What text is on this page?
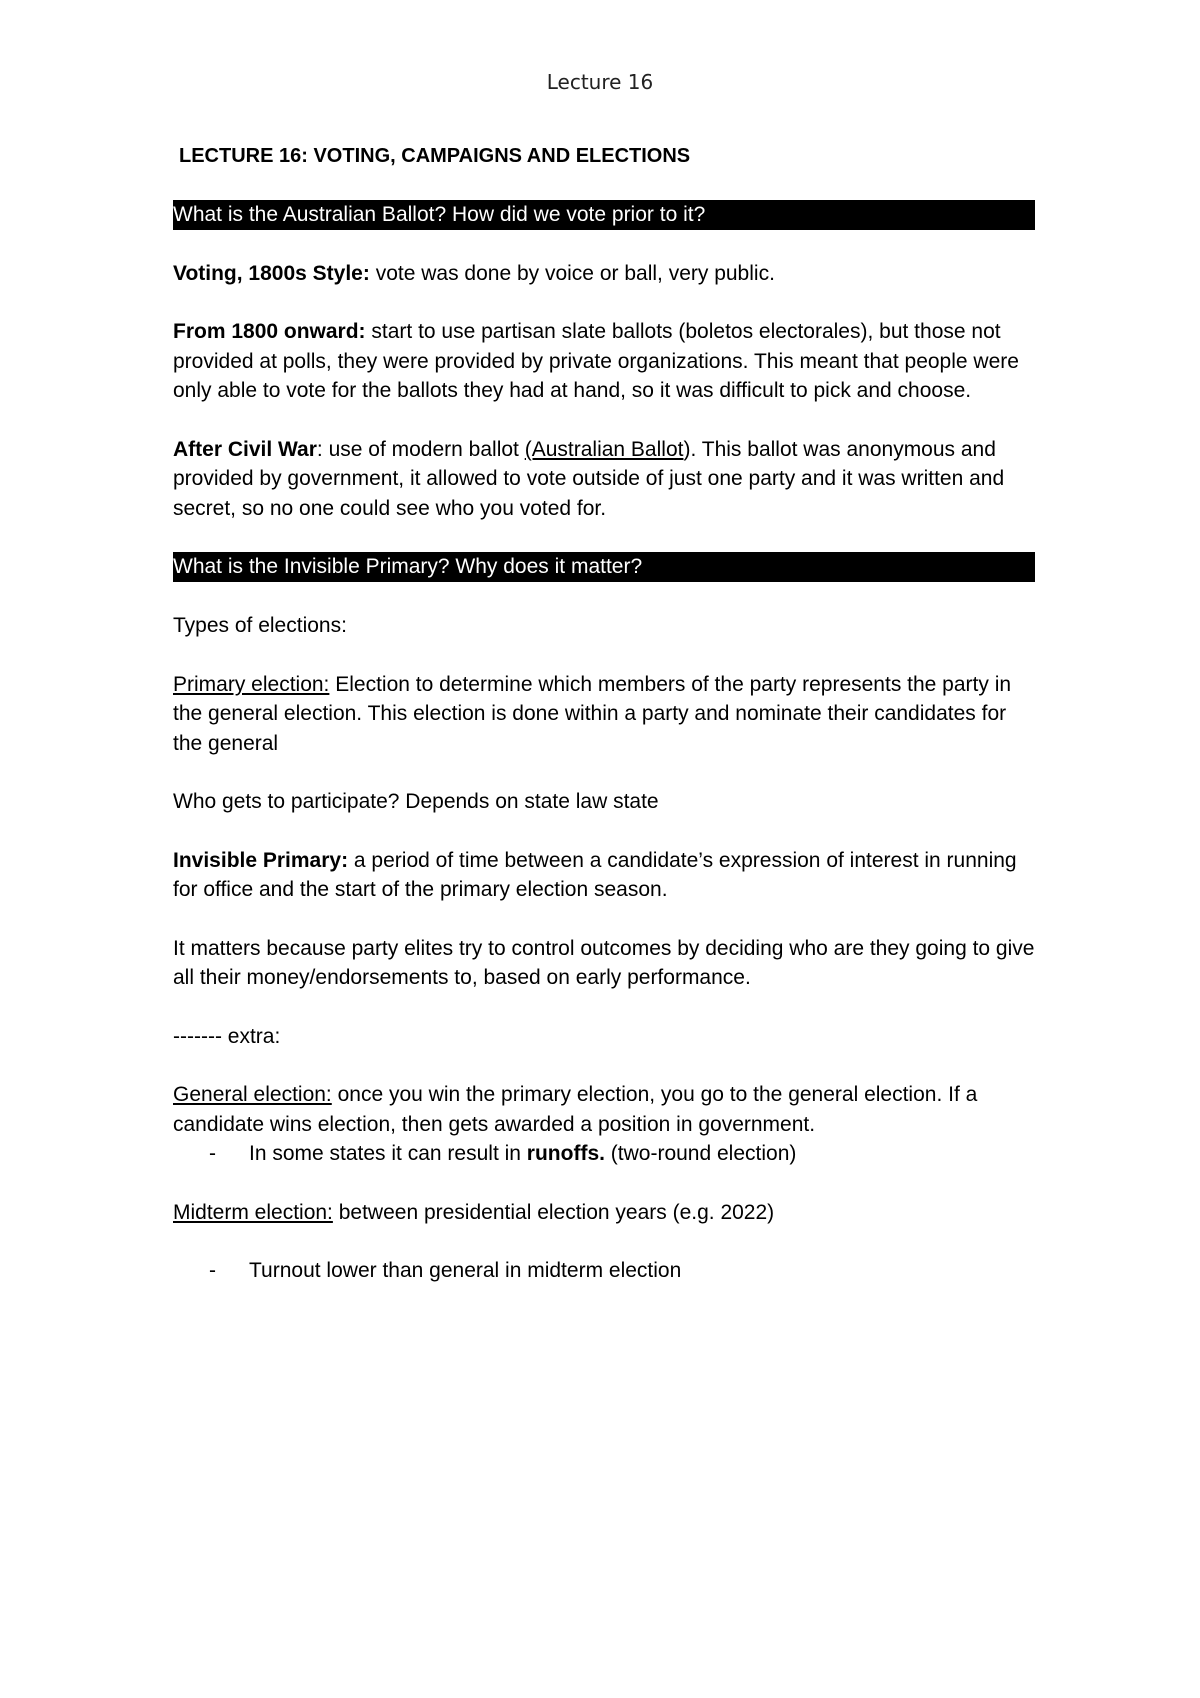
Lecture 16
LECTURE 16: VOTING, CAMPAIGNS AND ELECTIONS
What is the Australian Ballot? How did we vote prior to it?

Voting, 1800s Style: vote was done by voice or ball, very public.

From 1800 onward: start to use partisan slate ballots (boletos electorales), but those not provided at polls, they were provided by private organizations. This meant that people were only able to vote for the ballots they had at hand, so it was difficult to pick and choose.

After Civil War: use of modern ballot (Australian Ballot). This ballot was anonymous and provided by government, it allowed to vote outside of just one party and it was written and secret, so no one could see who you voted for.

What is the Invisible Primary? Why does it matter?

Types of elections:

Primary election: Election to determine which members of the party represents the party in the general election. This election is done within a party and nominate their candidates for the general

Who gets to participate? Depends on state law state

Invisible Primary: a period of time between a candidate’s expression of interest in running for office and the start of the primary election season.

It matters because party elites try to control outcomes by deciding who are they going to give all their money/endorsements to, based on early performance.

------- extra:

General election: once you win the primary election, you go to the general election. If a candidate wins election, then gets awarded a position in government.

-	In some states it can result in runoffs. (two-round election)

Midterm election: between presidential election years (e.g. 2022)

-	Turnout lower than general in midterm election
